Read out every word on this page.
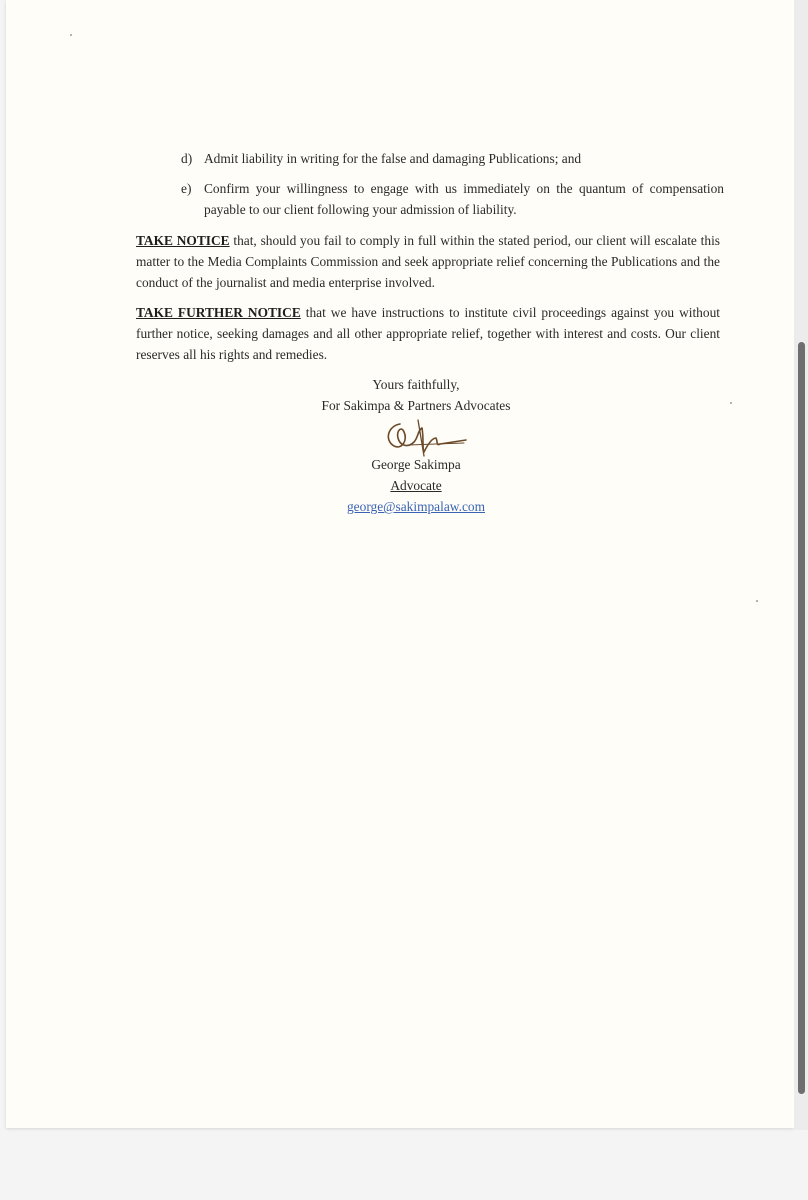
d) Admit liability in writing for the false and damaging Publications; and
e) Confirm your willingness to engage with us immediately on the quantum of compensation payable to our client following your admission of liability.
TAKE NOTICE that, should you fail to comply in full within the stated period, our client will escalate this matter to the Media Complaints Commission and seek appropriate relief concerning the Publications and the conduct of the journalist and media enterprise involved.
TAKE FURTHER NOTICE that we have instructions to institute civil proceedings against you without further notice, seeking damages and all other appropriate relief, together with interest and costs. Our client reserves all his rights and remedies.
Yours faithfully,
For Sakimpa & Partners Advocates
George Sakimpa
Advocate
george@sakimpalaw.com
